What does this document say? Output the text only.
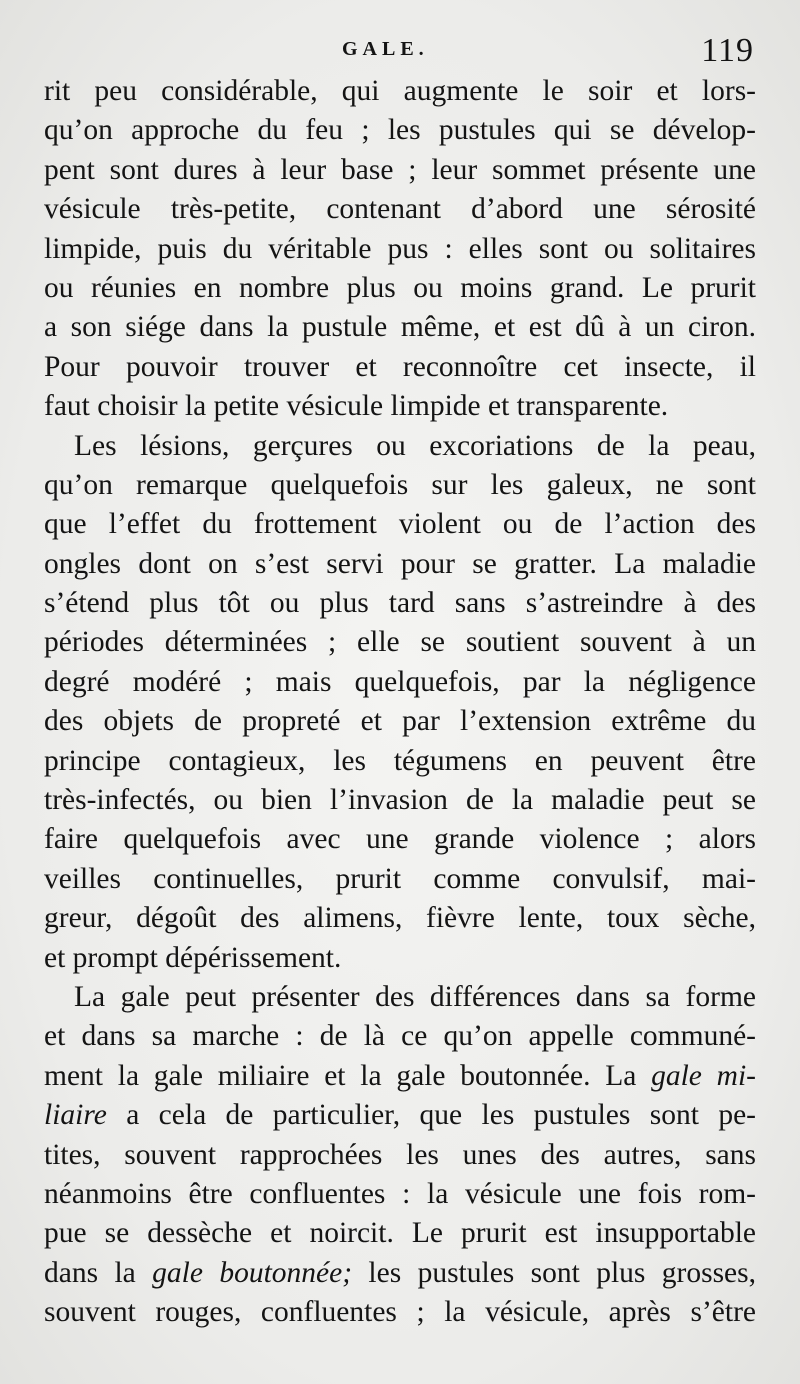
GALE.	119
rit peu considérable, qui augmente le soir et lors-
qu’on approche du feu ; les pustules qui se dévelop-
pent sont dures à leur base ; leur sommet présente une
vésicule très-petite, contenant d’abord une sérosité
limpide, puis du véritable pus : elles sont ou solitaires
ou réunies en nombre plus ou moins grand. Le prurit
a son siége dans la pustule même, et est dû à un ciron.
Pour pouvoir trouver et reconnoître cet insecte, il
faut choisir la petite vésicule limpide et transparente.
Les lésions, gerçures ou excoriations de la peau,
qu’on remarque quelquefois sur les galeux, ne sont
que l’effet du frottement violent ou de l’action des
ongles dont on s’est servi pour se gratter. La maladie
s’étend plus tôt ou plus tard sans s’astreindre à des
périodes déterminées ; elle se soutient souvent à un
degré modéré ; mais quelquefois, par la négligence
des objets de propreté et par l’extension extrême du
principe contagieux, les tégumens en peuvent être
très-infectés, ou bien l’invasion de la maladie peut se
faire quelquefois avec une grande violence ; alors
veilles continuelles, prurit comme convulsif, mai-
greur, dégoût des alimens, fièvre lente, toux sèche,
et prompt dépérissement.
La gale peut présenter des différences dans sa forme
et dans sa marche : de là ce qu’on appelle communé-
ment la gale miliaire et la gale boutonnée. La gale mi-
liaire a cela de particulier, que les pustules sont pe-
tites, souvent rapprochées les unes des autres, sans
néanmoins être confluentes : la vésicule une fois rom-
pue se dessèche et noircit. Le prurit est insupportable
dans la gale boutonnée; les pustules sont plus grosses,
souvent rouges, confluentes ; la vésicule, après s’être
